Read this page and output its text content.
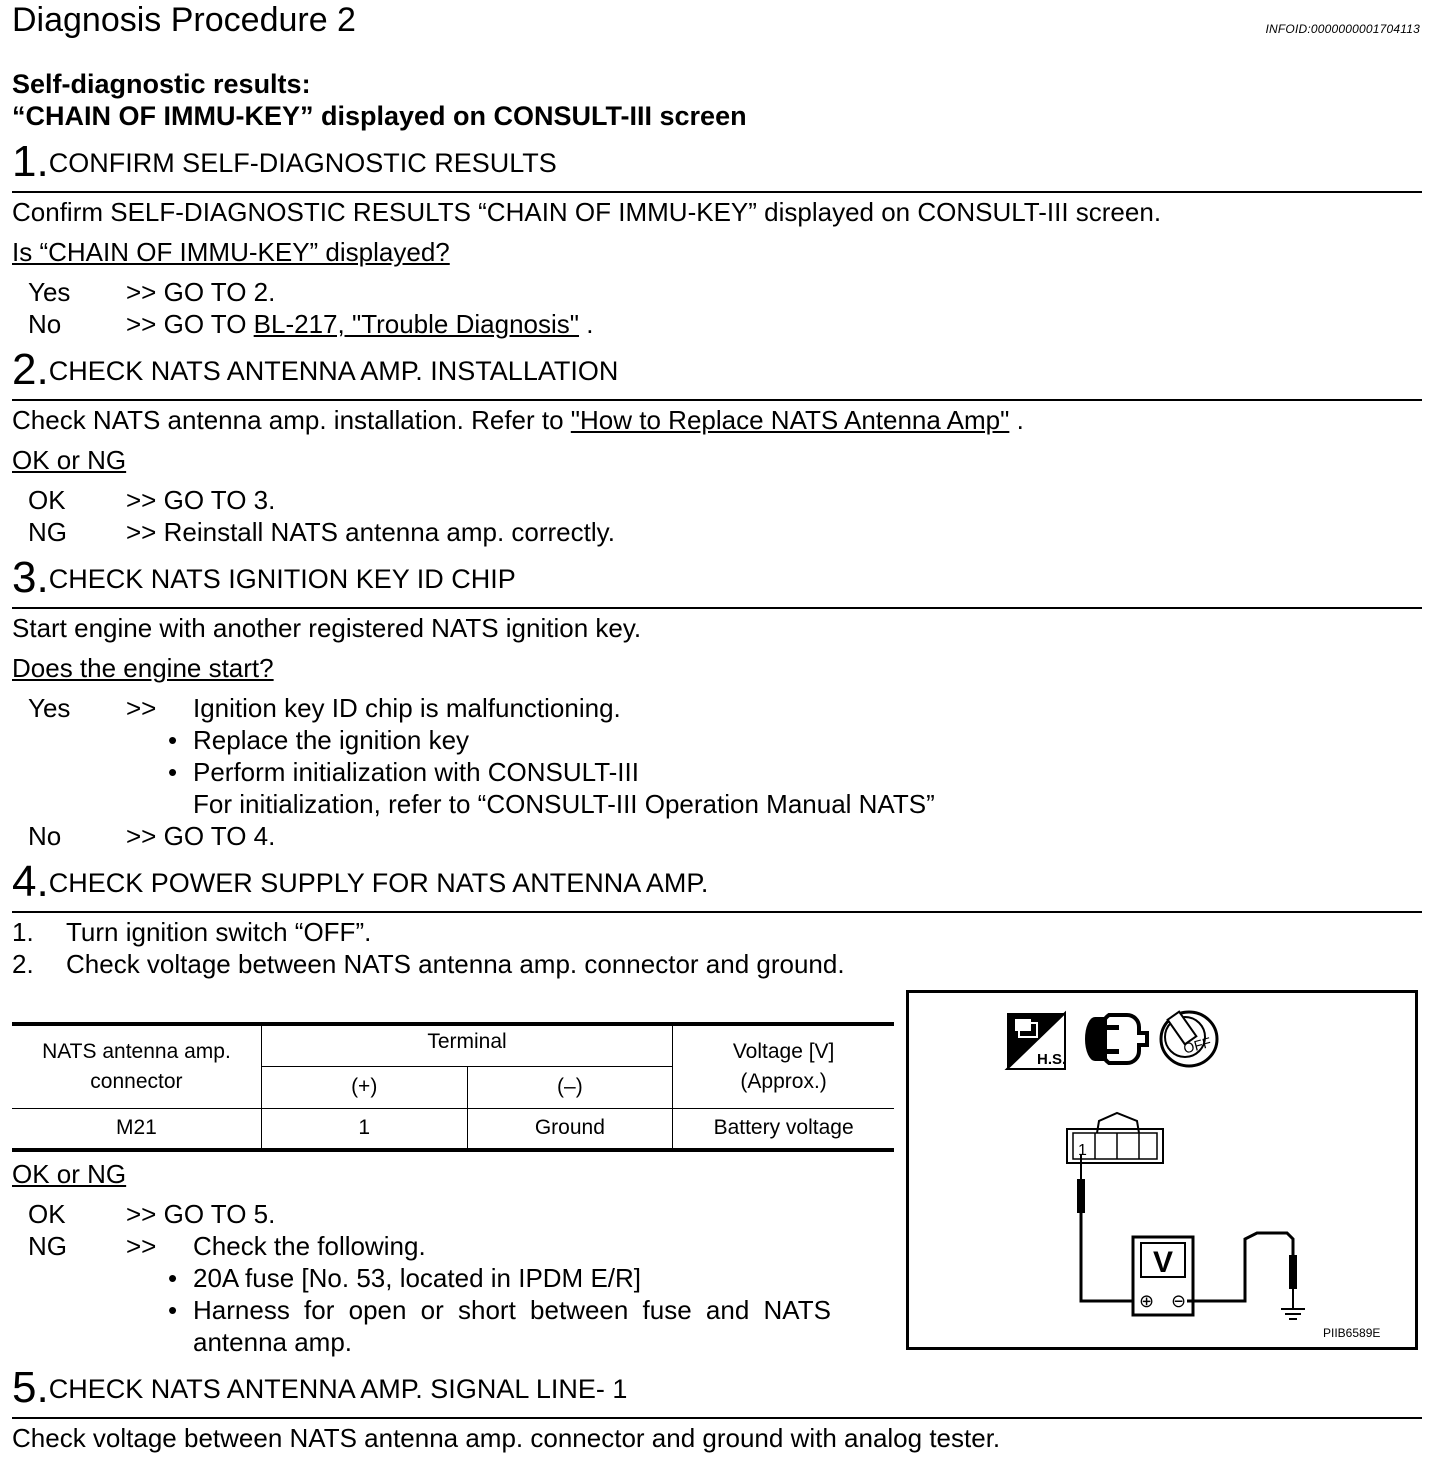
Diagnosis Procedure 2	INFOID:0000000001704113
Self-diagnostic results:
“CHAIN OF IMMU-KEY” displayed on CONSULT-III screen
1.CONFIRM SELF-DIAGNOSTIC RESULTS
Confirm SELF-DIAGNOSTIC RESULTS “CHAIN OF IMMU-KEY” displayed on CONSULT-III screen.
Is “CHAIN OF IMMU-KEY” displayed?
Yes >> GO TO 2.
No >> GO TO BL-217, "Trouble Diagnosis" .
2.CHECK NATS ANTENNA AMP. INSTALLATION
Check NATS antenna amp. installation. Refer to "How to Replace NATS Antenna Amp" .
OK or NG
OK >> GO TO 3.
NG >> Reinstall NATS antenna amp. correctly.
3.CHECK NATS IGNITION KEY ID CHIP
Start engine with another registered NATS ignition key.
Does the engine start?
Yes >> Ignition key ID chip is malfunctioning.
• Replace the ignition key
• Perform initialization with CONSULT-III
For initialization, refer to “CONSULT-III Operation Manual NATS”
No >> GO TO 4.
4.CHECK POWER SUPPLY FOR NATS ANTENNA AMP.
1. Turn ignition switch “OFF”.
2. Check voltage between NATS antenna amp. connector and ground.
NATS antenna amp. connector	Terminal		Voltage [V]
(Approx.)
	(+)	(–)	
M21	1	Ground	Battery voltage
OK or NG
OK >> GO TO 5.
NG >> Check the following.
• 20A fuse [No. 53, located in IPDM E/R]
• Harness for open or short between fuse and NATS
antenna amp.
H.S.
OFF
1
V
⊕ ⊖
PIIB6589E
5.CHECK NATS ANTENNA AMP. SIGNAL LINE- 1
Check voltage between NATS antenna amp. connector and ground with analog tester.
